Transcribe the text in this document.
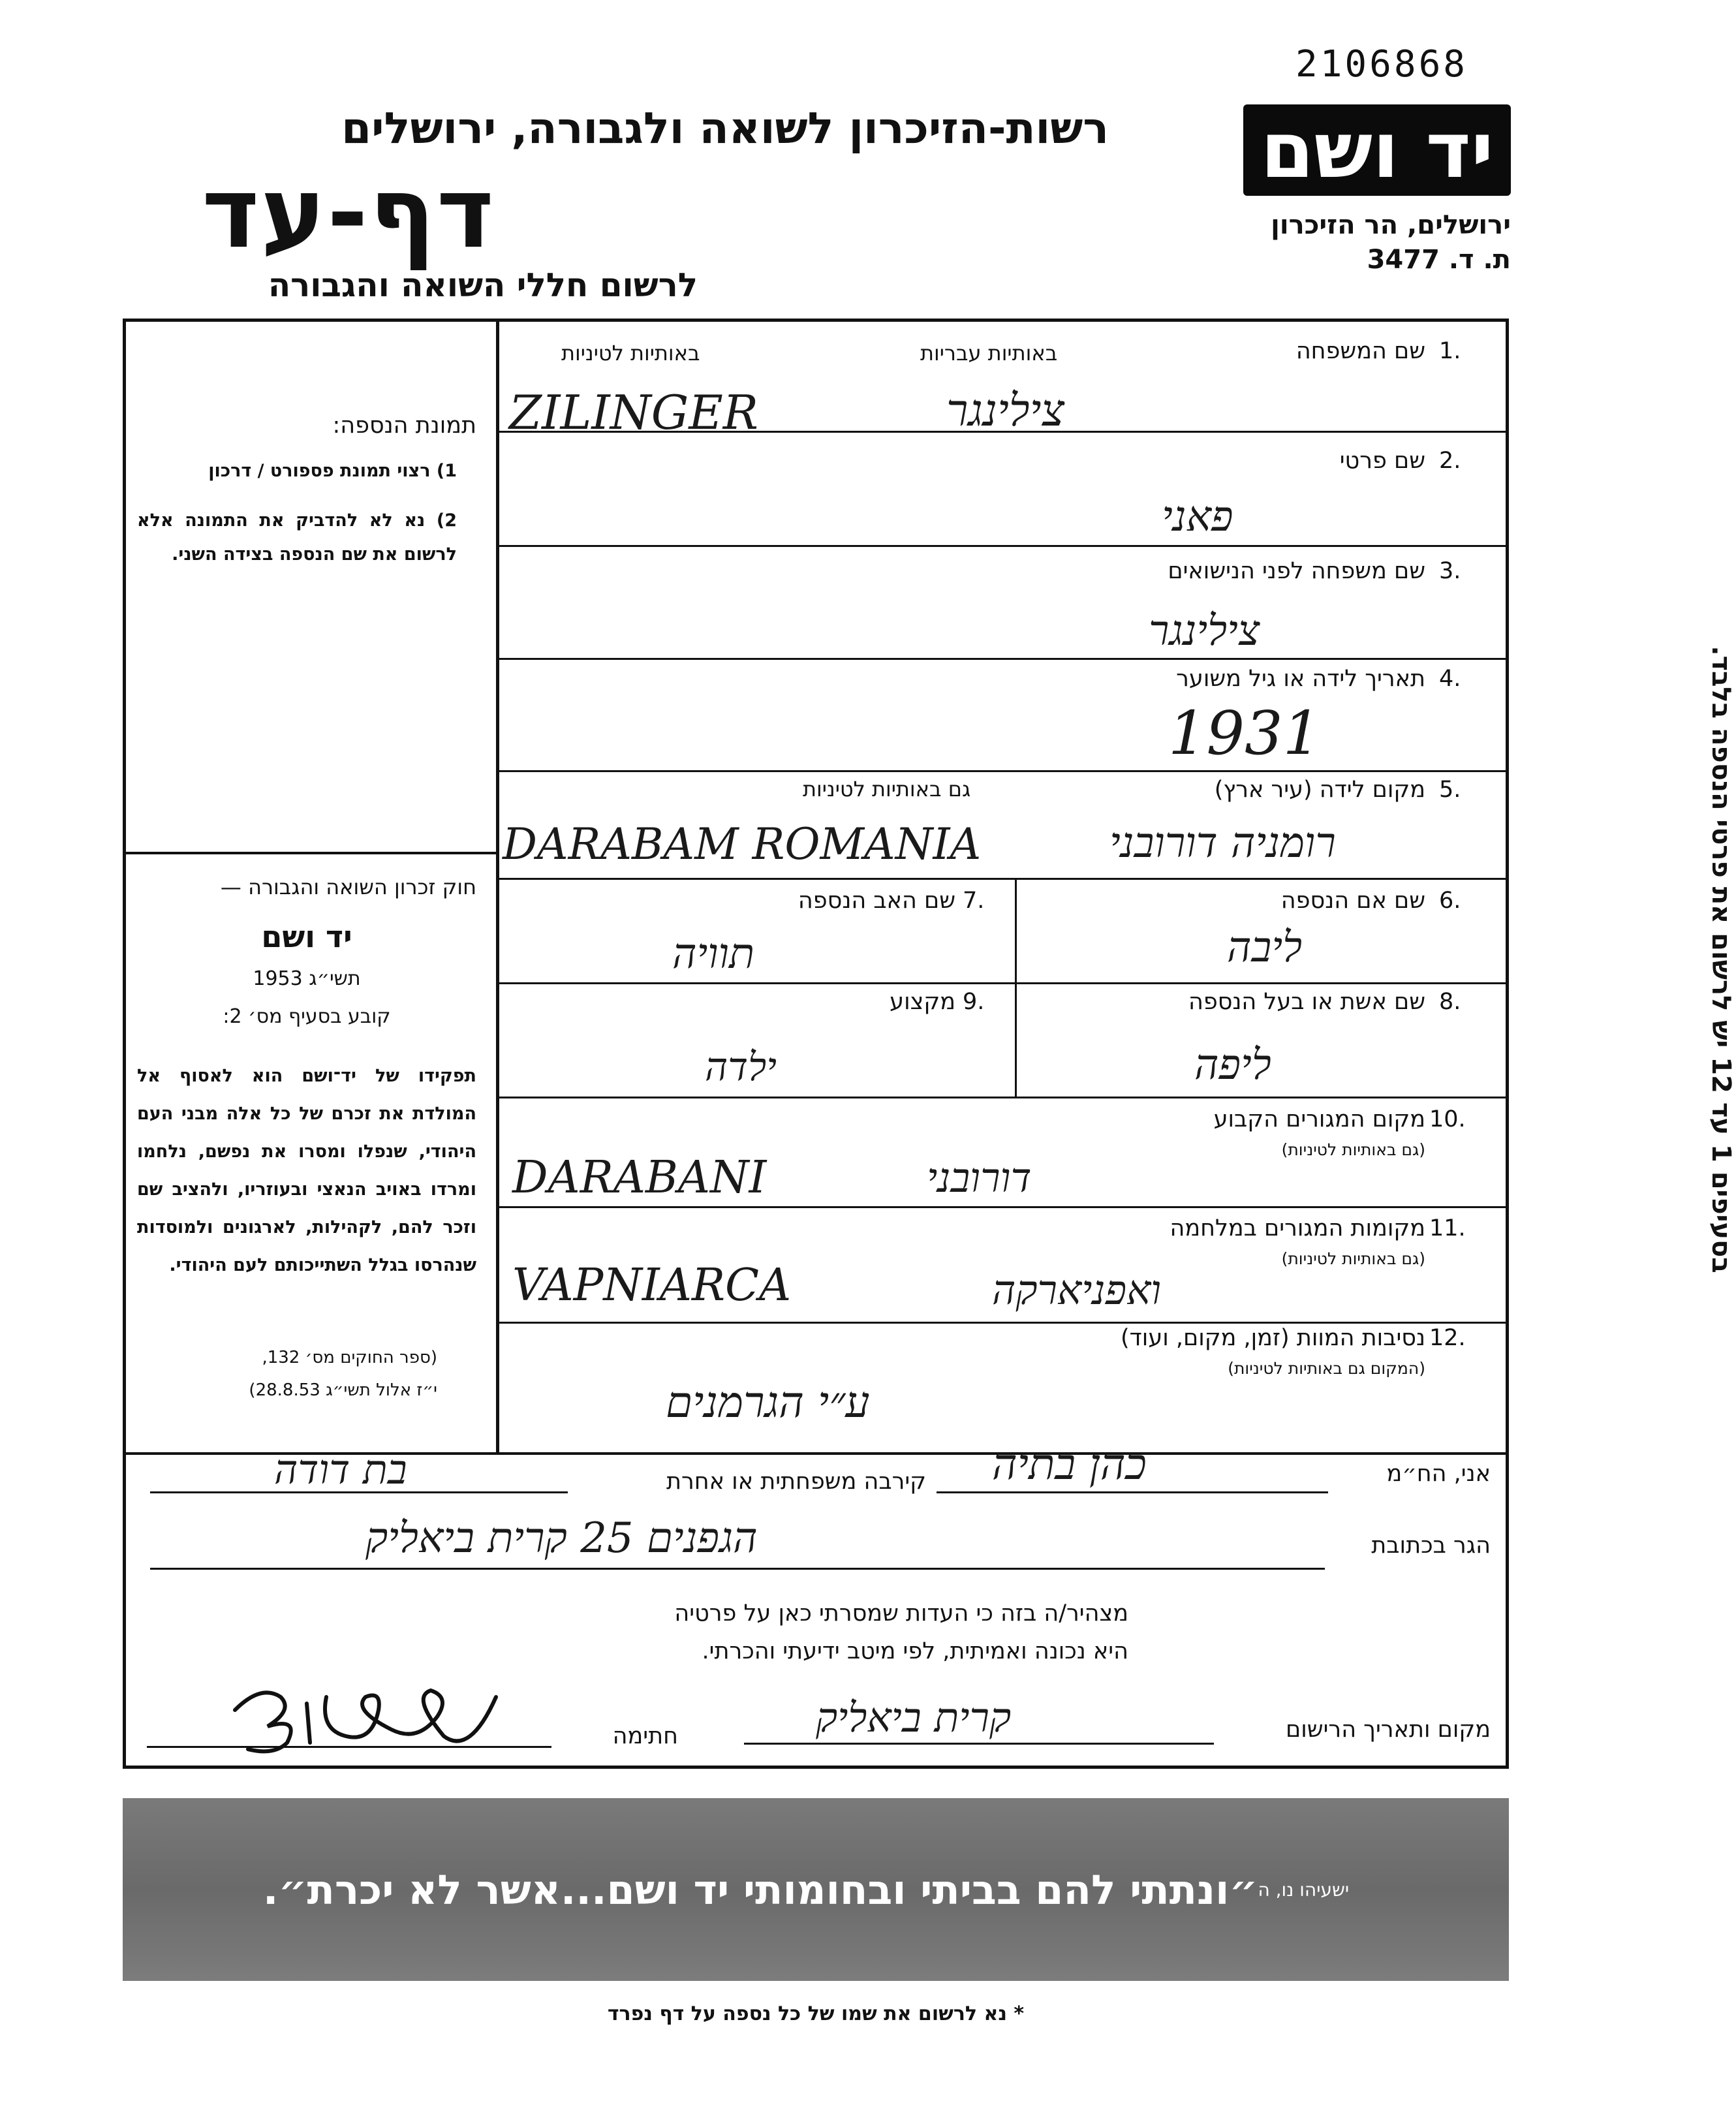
2106868
יד ושם
ירושלים, הר הזיכרון
ת. ד. 3477
רשות-הזיכרון לשואה ולגבורה, ירושלים
דף-עד
לרשום חללי השואה והגבורה
באותיות עבריות
באותיות לטיניות
גם באותיות לטיניות
1.
שם המשפחה
צילינגר
ZILINGER
2.
שם פרטי
פאני
3.
שם משפחה לפני הנישואים
צילינגר
4.
תאריך לידה או גיל משוער
1931
5.
מקום לידה (עיר ארץ)
רומניה דורובני
DARABAM ROMANIA
6.
שם אם הנספה
ליבה
7.
שם האב הנספה
תוויה
8.
שם אשת או בעל הנספה
ליפה
9.
מקצוע
ילדה
10.
מקום המגורים הקבוע
(גם באותיות לטיניות)
דורובני
DARABANI
11.
מקומות המגורים במלחמה
(גם באותיות לטיניות)
ואפניארקה
VAPNIARCA
12.
נסיבות המוות (זמן, מקום, ועוד)
(המקום גם באותיות לטיניות)
ע״י הגרמנים
תמונת הנספה:
1) רצוי תמונת פספורט / דרכון
2) נא לא להדביק את התמונה אלא לרשום את שם הנספה בצידה השני.
חוק זכרון השואה והגבורה —
יד ושם
תשי״ג 1953
קובע בסעיף מס׳ 2:
תפקידו של יד־ושם הוא לאסוף אל המולדת את זכרם של כל אלה מבני העם היהודי, שנפלו ומסרו את נפשם, נלחמו ומרדו באויב הנאצי ובעוזריו, ולהציב שם וזכר להם, לקהילות, לארגונים ולמוסדות שנהרסו בגלל השתייכותם לעם היהודי.
(ספר החוקים מס׳ 132,
י״ז אלול תשי״ג 28.8.53)
בסעיפים 1 עד 12 יש לרשום את פרטי הנספה בלבד.
אני, הח״מ
כהן בתיה
קירבה משפחתית או אחרת
בת דודה
הגר בכתובת
הגפנים 25 קרית ביאליק
מצהיר/ה בזה כי העדות שמסרתי כאן על פרטיה
היא נכונה ואמיתית, לפי מיטב ידיעתי והכרתי.
מקום ותאריך הרישום
קרית ביאליק
חתימה
ישעיהו נו, ה
״ונתתי להם בביתי ובחומותי יד ושם...אשר לא יכרת״.
* נא לרשום את שמו של כל נספה על דף נפרד
